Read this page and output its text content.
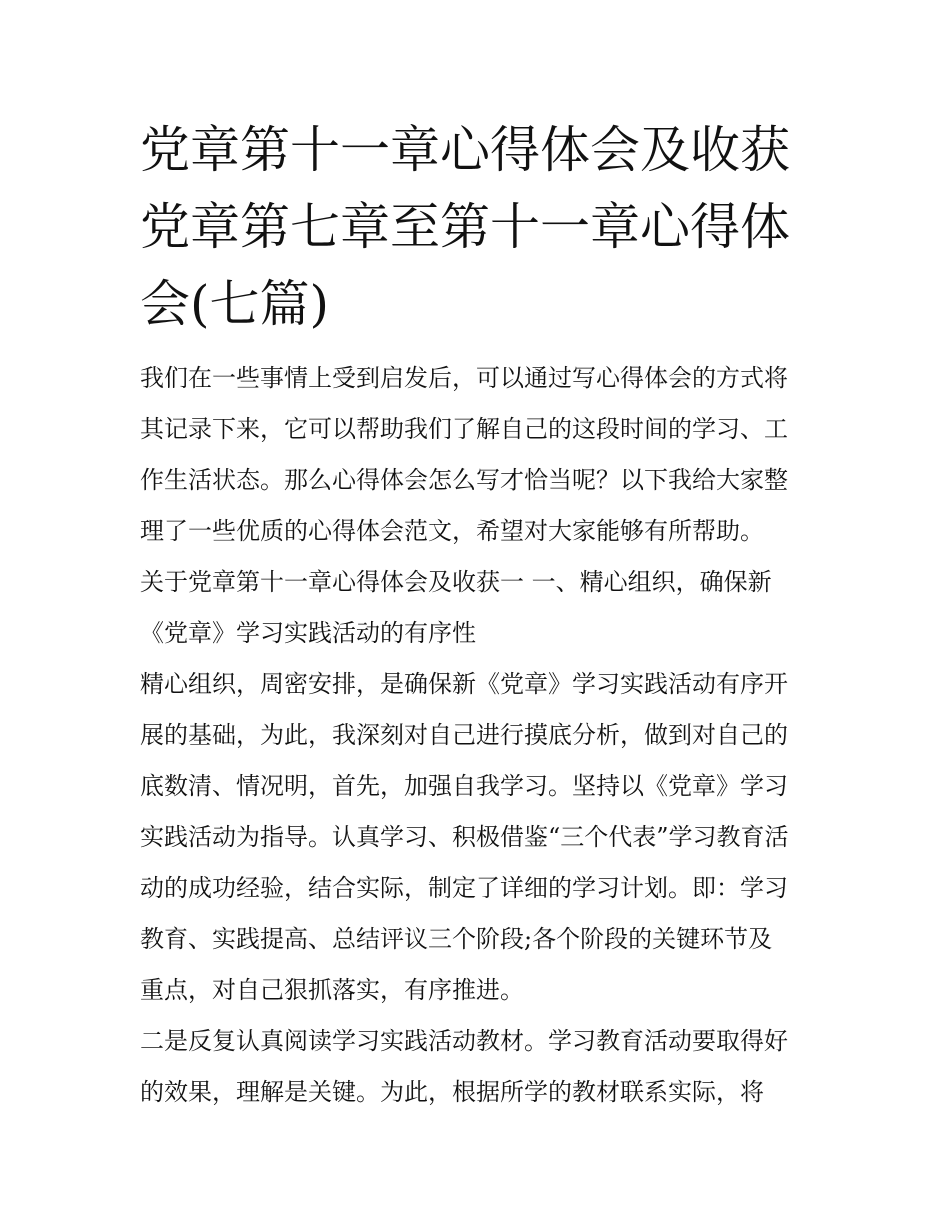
党章第十一章心得体会及收获
党章第七章至第十一章心得体
会(七篇)

我们在一些事情上受到启发后，可以通过写心得体会的方式将
其记录下来，它可以帮助我们了解自己的这段时间的学习、工
作生活状态。那么心得体会怎么写才恰当呢？以下我给大家整
理了一些优质的心得体会范文，希望对大家能够有所帮助。

关于党章第十一章心得体会及收获一 一、精心组织，确保新
《党章》学习实践活动的有序性

精心组织，周密安排，是确保新《党章》学习实践活动有序开
展的基础，为此，我深刻对自己进行摸底分析，做到对自己的
底数清、情况明，首先，加强自我学习。坚持以《党章》学习
实践活动为指导。认真学习、积极借鉴“三个代表”学习教育活
动的成功经验，结合实际，制定了详细的学习计划。即：学习
教育、实践提高、总结评议三个阶段;各个阶段的关键环节及
重点，对自己狠抓落实，有序推进。

二是反复认真阅读学习实践活动教材。学习教育活动要取得好
的效果，理解是关键。为此，根据所学的教材联系实际，将
